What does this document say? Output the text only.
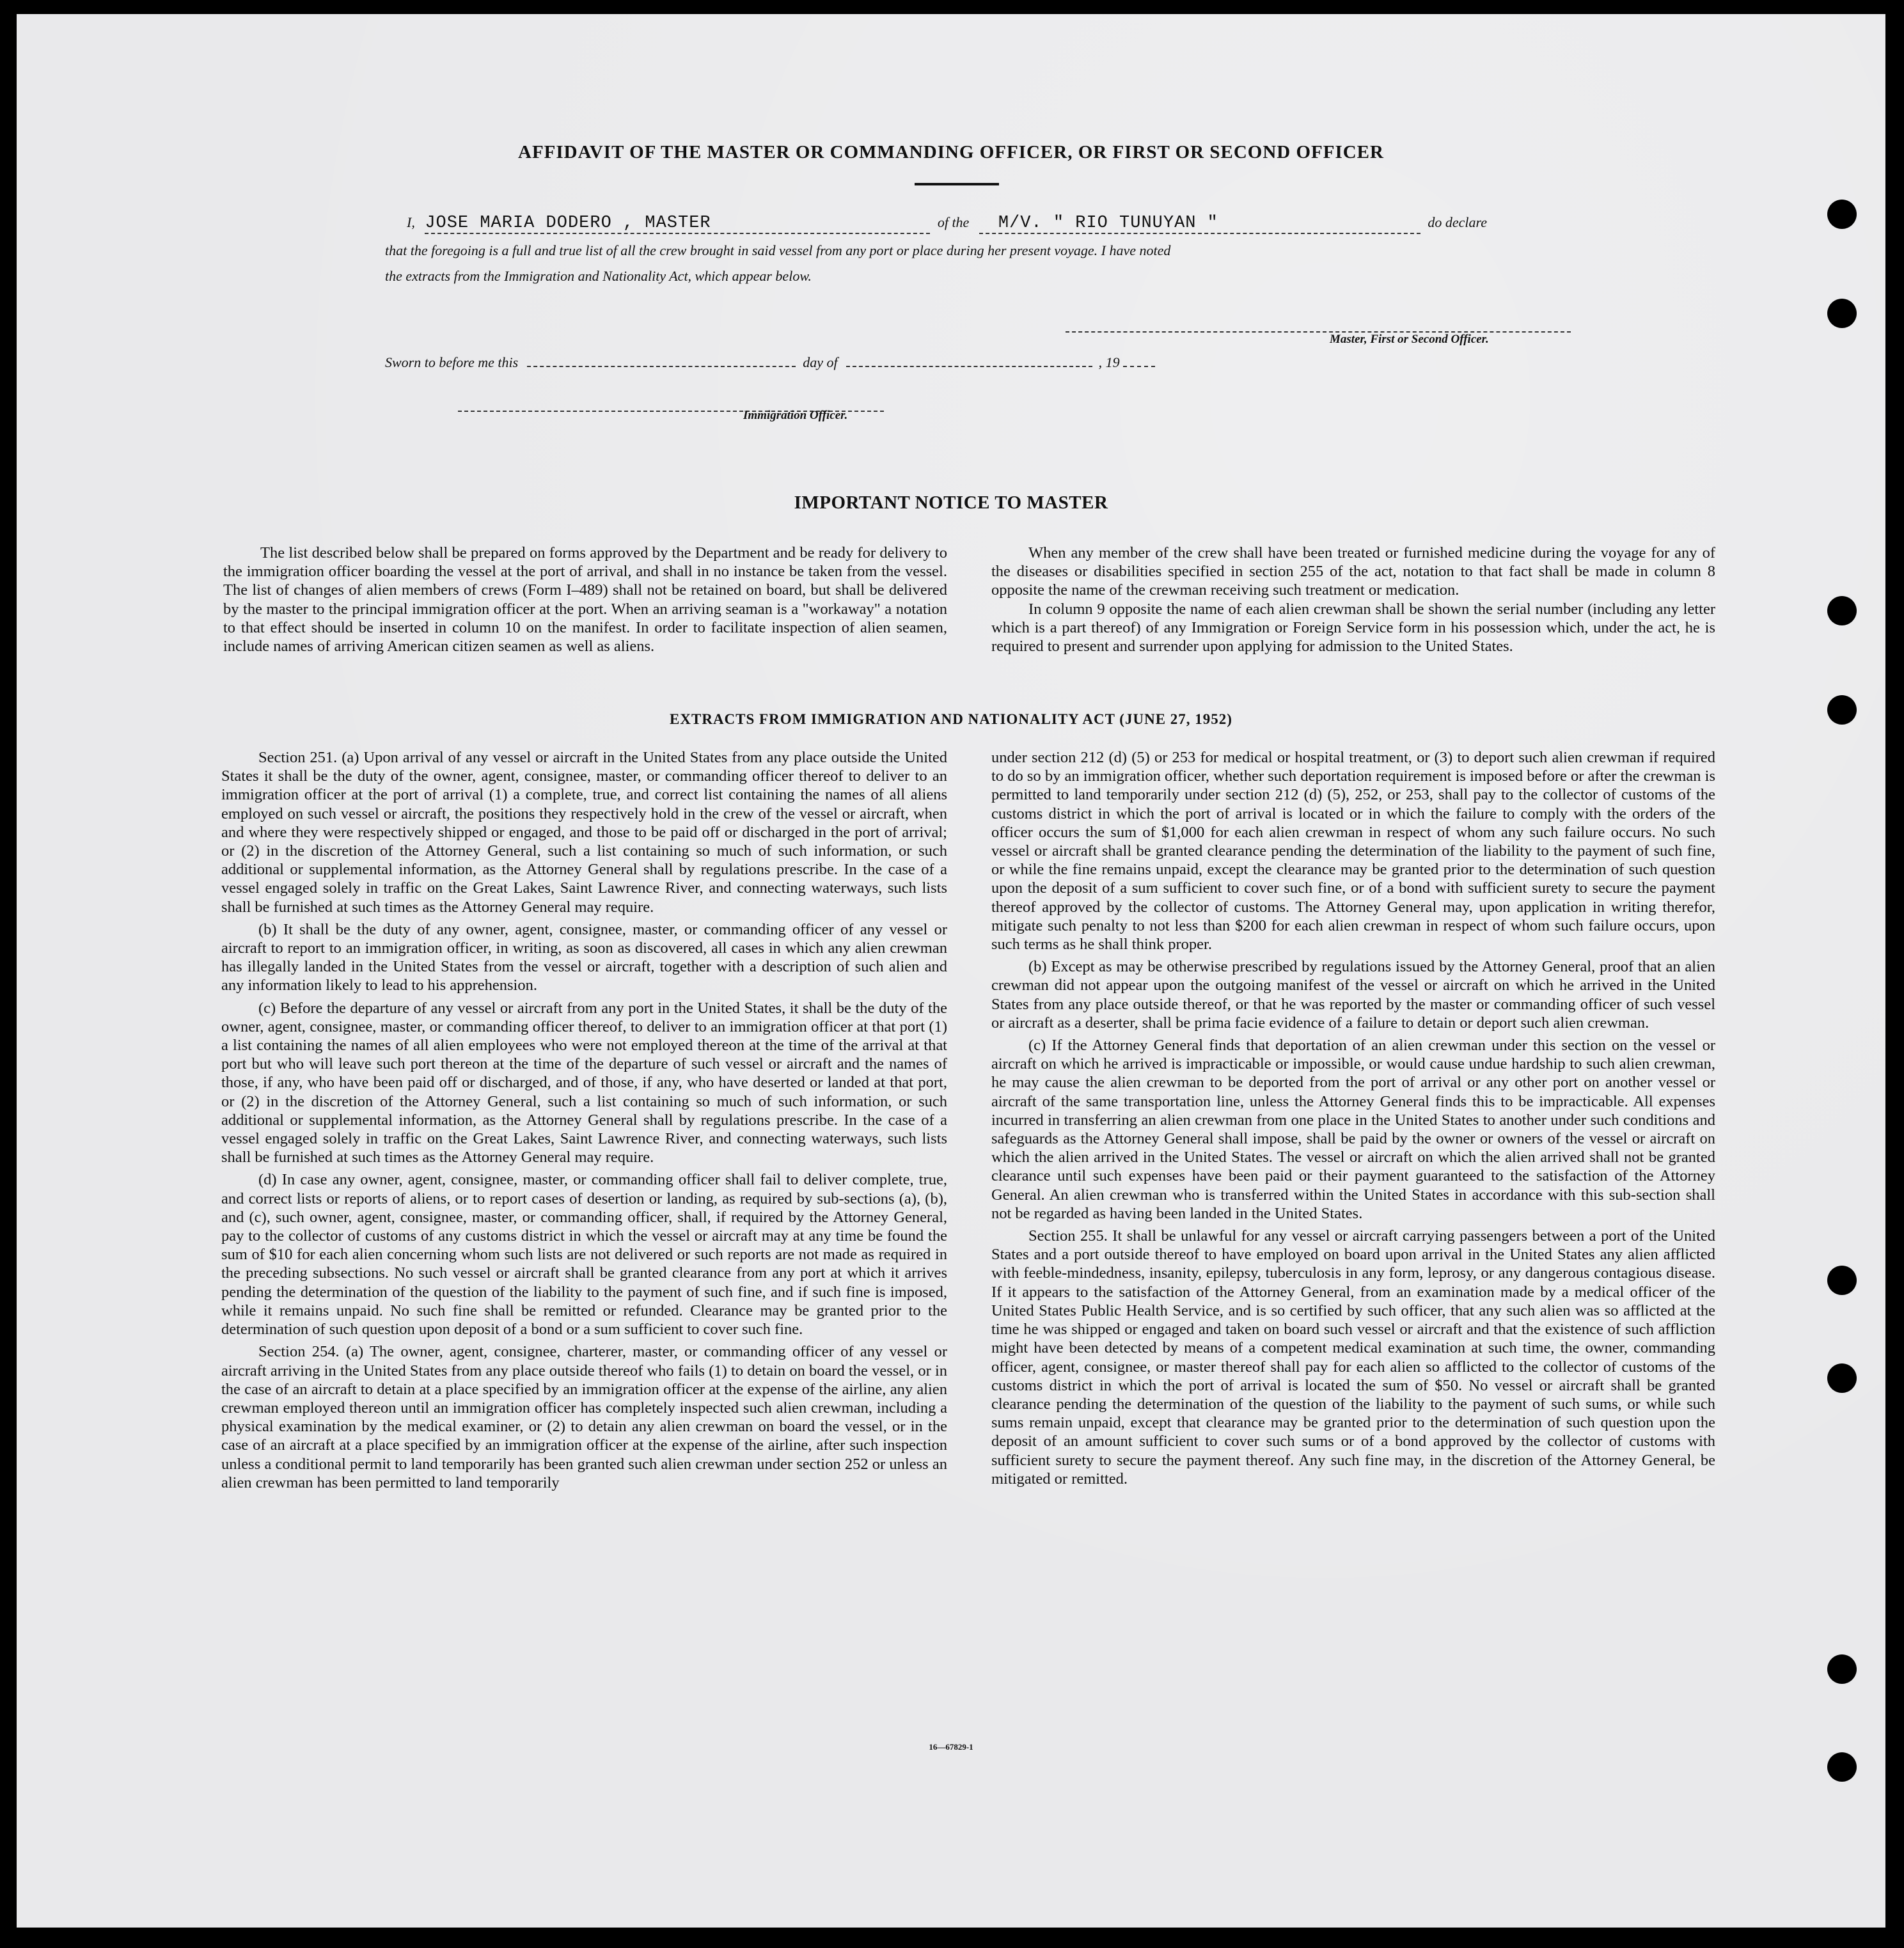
AFFIDAVIT OF THE MASTER OR COMMANDING OFFICER, OR FIRST OR SECOND OFFICER
I, JOSE MARIA DODERO , MASTER	of the M/V. " RIO TUNUYAN "	do declare
that the foregoing is a full and true list of all the crew brought in said vessel from any port or place during her present voyage. I have noted
the extracts from the Immigration and Nationality Act, which appear below.
Master, First or Second Officer.
Sworn to before me this	day of	, 19
Immigration Officer.
IMPORTANT NOTICE TO MASTER

The list described below shall be prepared on forms approved by the Department and be ready for delivery to the immigration officer boarding the vessel at the port of arrival, and shall in no instance be taken from the vessel. The list of changes of alien members of crews (Form I–489) shall not be retained on board, but shall be delivered by the master to the principal immigration officer at the port. When an arriving seaman is a "workaway" a notation to that effect should be inserted in column 10 on the manifest. In order to facilitate inspection of alien seamen, include names of arriving American citizen seamen as well as aliens.

When any member of the crew shall have been treated or furnished medicine during the voyage for any of the diseases or disabilities specified in section 255 of the act, notation to that fact shall be made in column 8 opposite the name of the crewman receiving such treatment or medication.

In column 9 opposite the name of each alien crewman shall be shown the serial number (including any letter which is a part thereof) of any Immigration or Foreign Service form in his possession which, under the act, he is required to present and surrender upon applying for admission to the United States.

EXTRACTS FROM IMMIGRATION AND NATIONALITY ACT (JUNE 27, 1952)

Section 251. (a) Upon arrival of any vessel or aircraft in the United States from any place outside the United States it shall be the duty of the owner, agent, consignee, master, or commanding officer thereof to deliver to an immigration officer at the port of arrival (1) a complete, true, and correct list containing the names of all aliens employed on such vessel or aircraft, the positions they respectively hold in the crew of the vessel or aircraft, when and where they were respectively shipped or engaged, and those to be paid off or discharged in the port of arrival; or (2) in the discretion of the Attorney General, such a list containing so much of such information, or such additional or supplemental information, as the Attorney General shall by regulations prescribe. In the case of a vessel engaged solely in traffic on the Great Lakes, Saint Lawrence River, and connecting waterways, such lists shall be furnished at such times as the Attorney General may require.

(b) It shall be the duty of any owner, agent, consignee, master, or commanding officer of any vessel or aircraft to report to an immigration officer, in writing, as soon as discovered, all cases in which any alien crewman has illegally landed in the United States from the vessel or aircraft, together with a description of such alien and any information likely to lead to his apprehension.

(c) Before the departure of any vessel or aircraft from any port in the United States, it shall be the duty of the owner, agent, consignee, master, or commanding officer thereof, to deliver to an immigration officer at that port (1) a list containing the names of all alien employees who were not employed thereon at the time of the arrival at that port but who will leave such port thereon at the time of the departure of such vessel or aircraft and the names of those, if any, who have been paid off or discharged, and of those, if any, who have deserted or landed at that port, or (2) in the discretion of the Attorney General, such a list containing so much of such information, or such additional or supplemental information, as the Attorney General shall by regulations prescribe. In the case of a vessel engaged solely in traffic on the Great Lakes, Saint Lawrence River, and connecting waterways, such lists shall be furnished at such times as the Attorney General may require.

(d) In case any owner, agent, consignee, master, or commanding officer shall fail to deliver complete, true, and correct lists or reports of aliens, or to report cases of desertion or landing, as required by sub-sections (a), (b), and (c), such owner, agent, consignee, master, or commanding officer, shall, if required by the Attorney General, pay to the collector of customs of any customs district in which the vessel or aircraft may at any time be found the sum of $10 for each alien concerning whom such lists are not delivered or such reports are not made as required in the preceding subsections. No such vessel or aircraft shall be granted clearance from any port at which it arrives pending the determination of the question of the liability to the payment of such fine, and if such fine is imposed, while it remains unpaid. No such fine shall be remitted or refunded. Clearance may be granted prior to the determination of such question upon deposit of a bond or a sum sufficient to cover such fine.

Section 254. (a) The owner, agent, consignee, charterer, master, or commanding officer of any vessel or aircraft arriving in the United States from any place outside thereof who fails (1) to detain on board the vessel, or in the case of an aircraft to detain at a place specified by an immigration officer at the expense of the airline, any alien crewman employed thereon until an immigration officer has completely inspected such alien crewman, including a physical examination by the medical examiner, or (2) to detain any alien crewman on board the vessel, or in the case of an aircraft at a place specified by an immigration officer at the expense of the airline, after such inspection unless a conditional permit to land temporarily has been granted such alien crewman under section 252 or unless an alien crewman has been permitted to land temporarily

under section 212 (d) (5) or 253 for medical or hospital treatment, or (3) to deport such alien crewman if required to do so by an immigration officer, whether such deportation requirement is imposed before or after the crewman is permitted to land temporarily under section 212 (d) (5), 252, or 253, shall pay to the collector of customs of the customs district in which the port of arrival is located or in which the failure to comply with the orders of the officer occurs the sum of $1,000 for each alien crewman in respect of whom any such failure occurs. No such vessel or aircraft shall be granted clearance pending the determination of the liability to the payment of such fine, or while the fine remains unpaid, except the clearance may be granted prior to the determination of such question upon the deposit of a sum sufficient to cover such fine, or of a bond with sufficient surety to secure the payment thereof approved by the collector of customs. The Attorney General may, upon application in writing therefor, mitigate such penalty to not less than $200 for each alien crewman in respect of whom such failure occurs, upon such terms as he shall think proper.

(b) Except as may be otherwise prescribed by regulations issued by the Attorney General, proof that an alien crewman did not appear upon the outgoing manifest of the vessel or aircraft on which he arrived in the United States from any place outside thereof, or that he was reported by the master or commanding officer of such vessel or aircraft as a deserter, shall be prima facie evidence of a failure to detain or deport such alien crewman.

(c) If the Attorney General finds that deportation of an alien crewman under this section on the vessel or aircraft on which he arrived is impracticable or impossible, or would cause undue hardship to such alien crewman, he may cause the alien crewman to be deported from the port of arrival or any other port on another vessel or aircraft of the same transportation line, unless the Attorney General finds this to be impracticable. All expenses incurred in transferring an alien crewman from one place in the United States to another under such conditions and safeguards as the Attorney General shall impose, shall be paid by the owner or owners of the vessel or aircraft on which the alien arrived in the United States. The vessel or aircraft on which the alien arrived shall not be granted clearance until such expenses have been paid or their payment guaranteed to the satisfaction of the Attorney General. An alien crewman who is transferred within the United States in accordance with this sub-section shall not be regarded as having been landed in the United States.

Section 255. It shall be unlawful for any vessel or aircraft carrying passengers between a port of the United States and a port outside thereof to have employed on board upon arrival in the United States any alien afflicted with feeble-mindedness, insanity, epilepsy, tuberculosis in any form, leprosy, or any dangerous contagious disease. If it appears to the satisfaction of the Attorney General, from an examination made by a medical officer of the United States Public Health Service, and is so certified by such officer, that any such alien was so afflicted at the time he was shipped or engaged and taken on board such vessel or aircraft and that the existence of such affliction might have been detected by means of a competent medical examination at such time, the owner, commanding officer, agent, consignee, or master thereof shall pay for each alien so afflicted to the collector of customs of the customs district in which the port of arrival is located the sum of $50. No vessel or aircraft shall be granted clearance pending the determination of the question of the liability to the payment of such sums, or while such sums remain unpaid, except that clearance may be granted prior to the determination of such question upon the deposit of an amount sufficient to cover such sums or of a bond approved by the collector of customs with sufficient surety to secure the payment thereof. Any such fine may, in the discretion of the Attorney General, be mitigated or remitted.

16—67829-1
